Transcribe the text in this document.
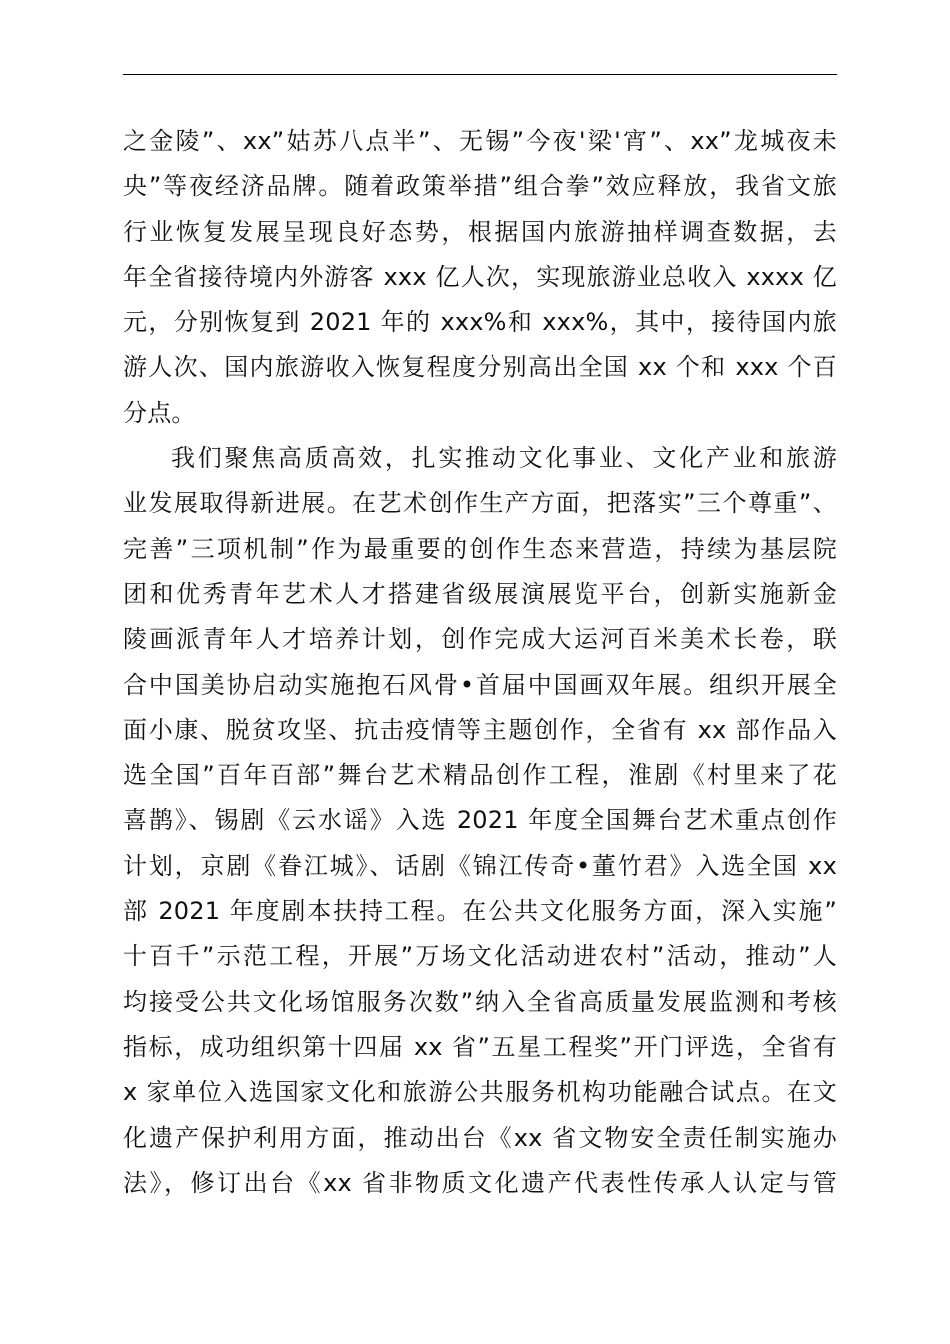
之金陵”、xx”姑苏八点半”、无锡”今夜'梁'宵”、xx”龙城夜未
央”等夜经济品牌。随着政策举措”组合拳”效应释放，我省文旅
行业恢复发展呈现良好态势，根据国内旅游抽样调查数据，去
年全省接待境内外游客 xxx 亿人次，实现旅游业总收入 xxxx 亿
元，分别恢复到 2021 年的 xxx%和 xxx%，其中，接待国内旅
游人次、国内旅游收入恢复程度分别高出全国 xx 个和 xxx 个百
分点。
我们聚焦高质高效，扎实推动文化事业、文化产业和旅游
业发展取得新进展。在艺术创作生产方面，把落实”三个尊重”、
完善”三项机制”作为最重要的创作生态来营造，持续为基层院
团和优秀青年艺术人才搭建省级展演展览平台，创新实施新金
陵画派青年人才培养计划，创作完成大运河百米美术长卷，联
合中国美协启动实施抱石风骨•首届中国画双年展。组织开展全
面小康、脱贫攻坚、抗击疫情等主题创作，全省有 xx 部作品入
选全国”百年百部”舞台艺术精品创作工程，淮剧《村里来了花
喜鹊》、锡剧《云水谣》入选 2021 年度全国舞台艺术重点创作
计划，京剧《眷江城》、话剧《锦江传奇•董竹君》入选全国 xx
部 2021 年度剧本扶持工程。在公共文化服务方面，深入实施”
十百千”示范工程，开展”万场文化活动进农村”活动，推动”人
均接受公共文化场馆服务次数”纳入全省高质量发展监测和考核
指标，成功组织第十四届 xx 省”五星工程奖”开门评选，全省有
x 家单位入选国家文化和旅游公共服务机构功能融合试点。在文
化遗产保护利用方面，推动出台《xx 省文物安全责任制实施办
法》，修订出台《xx 省非物质文化遗产代表性传承人认定与管
